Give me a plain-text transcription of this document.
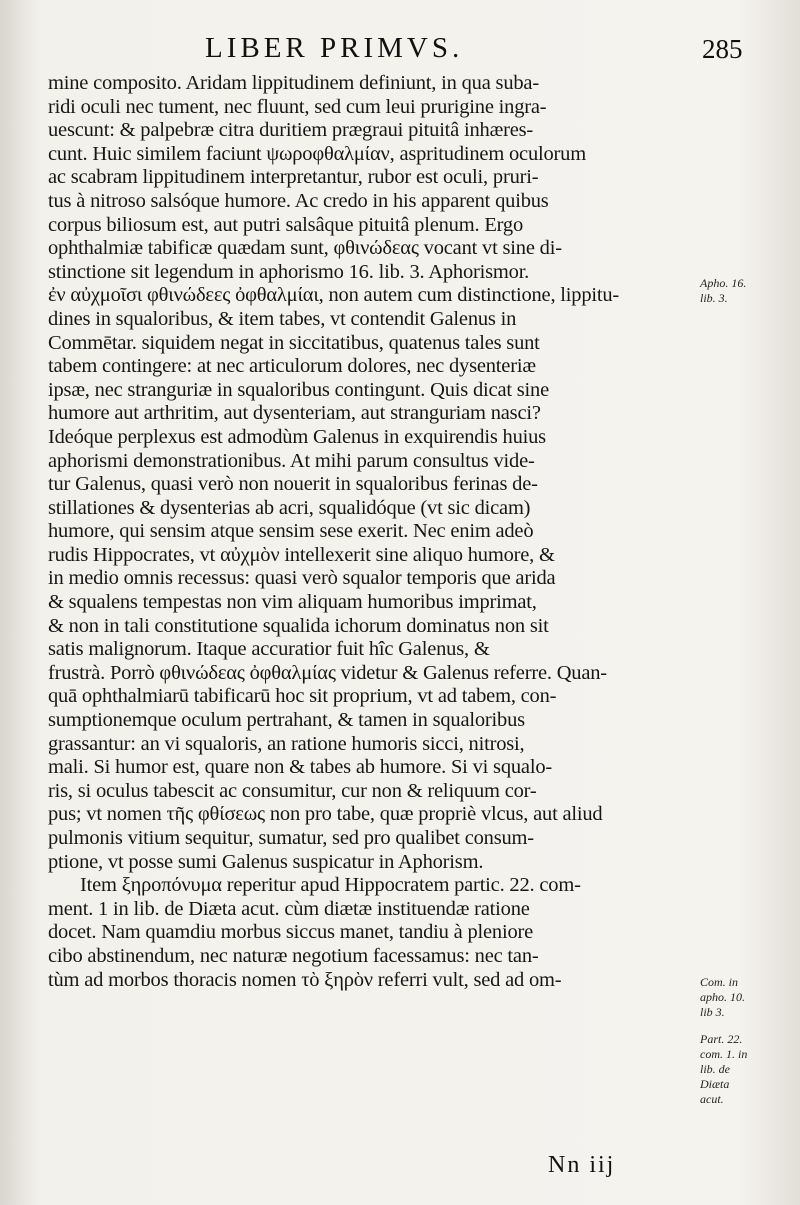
LIBER PRIMVS.	285
mine composito. Aridam lippitudinem definiunt, in qua suba-
ridi oculi nec tument, nec fluunt, sed cum leui prurigine ingra-
uescunt: & palpebræ citra duritiem prægraui pituitâ inhæres-
cunt. Huic similem faciunt ψωροφθαλμίαν, aspritudinem oculorum
ac scabram lippitudinem interpretantur, rubor est oculi, pruri-
tus à nitroso salsóque humore. Ac credo in his apparent quibus
corpus biliosum est, aut putri salsâque pituitâ plenum. Ergo
ophthalmiæ tabificæ quædam sunt, φθινώδεας vocant vt sine di-
stinctione sit legendum in aphorismo 16. lib. 3. Aphorismor.
ἐν αὐχμοῖσι φθινώδεες ὀφθαλμίαι, non autem cum distinctione, lippitu-
dines in squaloribus, & item tabes, vt contendit Galenus in
Commētar. siquidem negat in siccitatibus, quatenus tales sunt
tabem contingere: at nec articulorum dolores, nec dysenteriæ
ipsæ, nec stranguriæ in squaloribus contingunt. Quis dicat sine
humore aut arthritim, aut dysenteriam, aut stranguriam nasci?
Ideóque perplexus est admodùm Galenus in exquirendis huius
aphorismi demonstrationibus. At mihi parum consultus vide-
tur Galenus, quasi verò non nouerit in squaloribus ferinas de-
stillationes & dysenterias ab acri, squalidóque (vt sic dicam)
humore, qui sensim atque sensim sese exerit. Nec enim adeò
rudis Hippocrates, vt αὐχμὸν intellexerit sine aliquo humore, &
in medio omnis recessus: quasi verò squalor temporis que arida
& squalens tempestas non vim aliquam humoribus imprimat,
& non in tali constitutione squalida ichorum dominatus non sit
satis malignorum. Itaque accuratior fuit hîc Galenus, &
frustrà. Porrò φθινώδεας ὀφθαλμίας videtur & Galenus referre. Quan-
quā ophthalmiarū tabificarū hoc sit proprium, vt ad tabem, con-
sumptionemque oculum pertrahant, & tamen in squaloribus
grassantur: an vi squaloris, an ratione humoris sicci, nitrosi,
mali. Si humor est, quare non & tabes ab humore. Si vi squalo-
ris, si oculus tabescit ac consumitur, cur non & reliquum cor-
pus; vt nomen τῆς φθίσεως non pro tabe, quæ propriè vlcus, aut aliud
pulmonis vitium sequitur, sumatur, sed pro qualibet consum-
ptione, vt posse sumi Galenus suspicatur in Aphorism.
Item ξηροπόνυμα reperitur apud Hippocratem partic. 22. com-
ment. 1 in lib. de Diæta acut. cùm diætæ instituendæ ratione
docet. Nam quamdiu morbus siccus manet, tandiu à pleniore
cibo abstinendum, nec naturæ negotium facessamus: nec tan-
tùm ad morbos thoracis nomen τὸ ξηρὸν referri vult, sed ad om-
Apho. 16.
lib. 3.
Com. in
apho. 10.
lib 3.
Part. 22.
com. 1. in
lib. de
Diæta
acut.
Nn iij
